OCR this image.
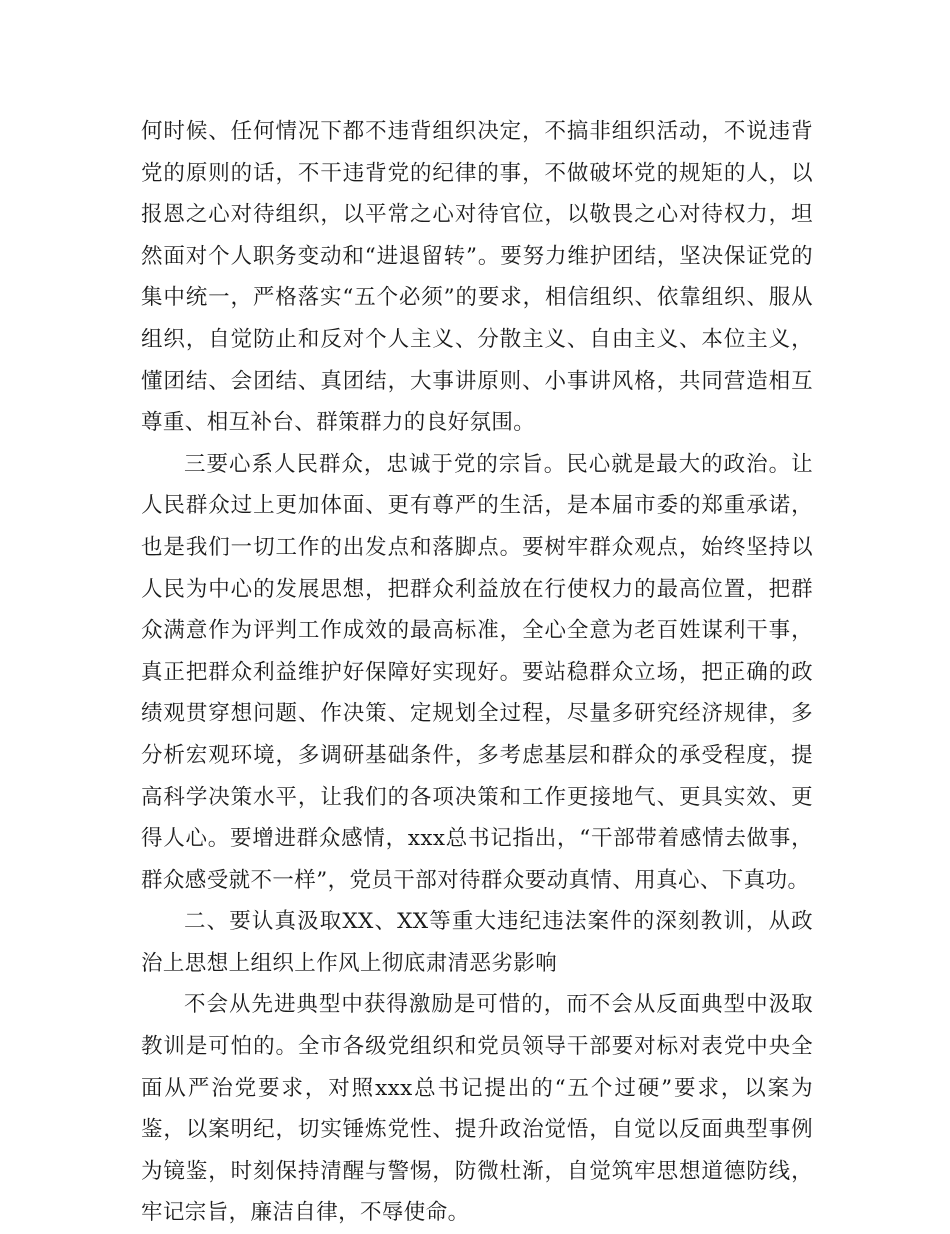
何时候、任何情况下都不违背组织决定，不搞非组织活动，不说违背党的原则的话，不干违背党的纪律的事，不做破坏党的规矩的人，以报恩之心对待组织，以平常之心对待官位，以敬畏之心对待权力，坦然面对个人职务变动和“进退留转”。要努力维护团结，坚决保证党的集中统一，严格落实“五个必须”的要求，相信组织、依靠组织、服从组织，自觉防止和反对个人主义、分散主义、自由主义、本位主义，懂团结、会团结、真团结，大事讲原则、小事讲风格，共同营造相互尊重、相互补台、群策群力的良好氛围。

三要心系人民群众，忠诚于党的宗旨。民心就是最大的政治。让人民群众过上更加体面、更有尊严的生活，是本届市委的郑重承诺，也是我们一切工作的出发点和落脚点。要树牢群众观点，始终坚持以人民为中心的发展思想，把群众利益放在行使权力的最高位置，把群众满意作为评判工作成效的最高标准，全心全意为老百姓谋利干事，真正把群众利益维护好保障好实现好。要站稳群众立场，把正确的政绩观贯穿想问题、作决策、定规划全过程，尽量多研究经济规律，多分析宏观环境，多调研基础条件，多考虑基层和群众的承受程度，提高科学决策水平，让我们的各项决策和工作更接地气、更具实效、更得人心。要增进群众感情，xxx总书记指出，“干部带着感情去做事，群众感受就不一样”，党员干部对待群众要动真情、用真心、下真功。

二、要认真汲取XX、XX等重大违纪违法案件的深刻教训，从政治上思想上组织上作风上彻底肃清恶劣影响

不会从先进典型中获得激励是可惜的，而不会从反面典型中汲取教训是可怕的。全市各级党组织和党员领导干部要对标对表党中央全面从严治党要求，对照xxx总书记提出的“五个过硬”要求，以案为鉴，以案明纪，切实锤炼党性、提升政治觉悟，自觉以反面典型事例为镜鉴，时刻保持清醒与警惕，防微杜渐，自觉筑牢思想道德防线，牢记宗旨，廉洁自律，不辱使命。
